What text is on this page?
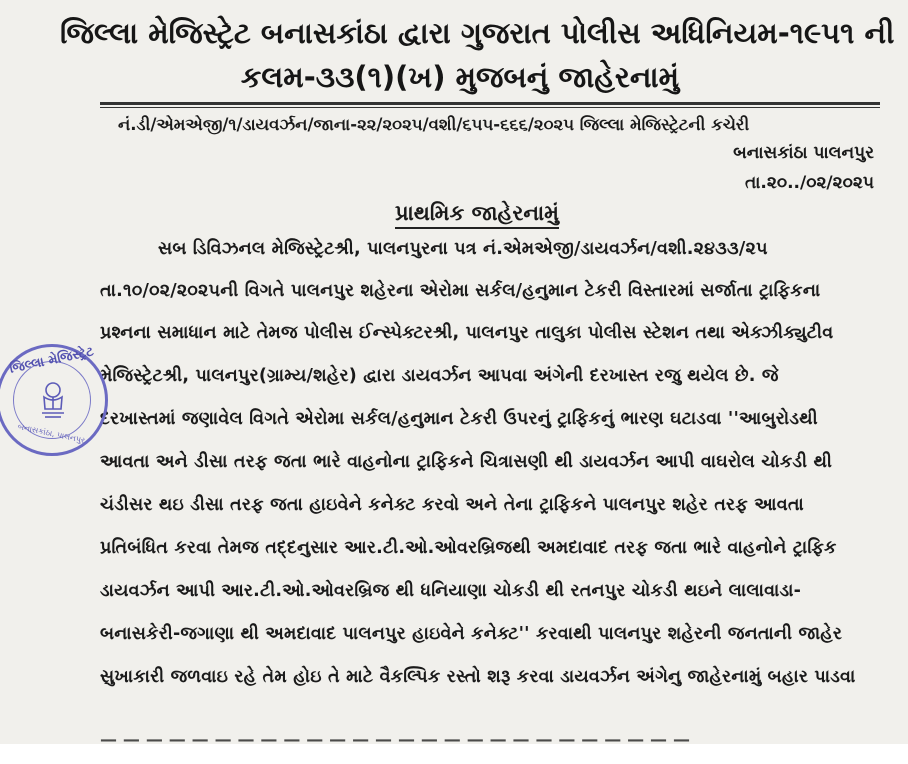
જિલ્લા મેજિસ્ટ્રેટ બનાસકાંઠા દ્વારા ગુજરાત પોલીસ અધિનિયમ-૧૯૫૧ ની
કલમ-૩૩(૧)(ખ) મુજબનું જાહેરનામું
નં.ડી/એમએજી/૧/ડાયવર્ઝન/જાના-૨૨/૨૦૨૫/વશી/૬૫૫-૬૬૬/૨૦૨૫ જિલ્લા મેજિસ્ટ્રેટની કચેરી
બનાસકાંઠા પાલનપુર
તા.૨૦../૦૨/૨૦૨૫
પ્રાથમિક જાહેરનામું
સબ ડિવિઝનલ મેજિસ્ટ્રેટશ્રી, પાલનપુરના પત્ર નં.એમએજી/ડાયવર્ઝન/વશી.૨૪૩૩/૨૫
તા.૧૦/૦૨/૨૦૨૫ની વિગતે પાલનપુર શહેરના એરોમા સર્કલ/હનુમાન ટેકરી વિસ્તારમાં સર્જાતા ટ્રાફિકના
પ્રશ્નના સમાધાન માટે તેમજ પોલીસ ઈન્સ્પેક્ટરશ્રી, પાલનપુર તાલુકા પોલીસ સ્ટેશન તથા એક્ઝીક્યુટીવ
મેજિસ્ટ્રેટશ્રી, પાલનપુર(ગ્રામ્ય/શહેર) દ્વારા ડાયવર્ઝન આપવા અંગેની દરખાસ્ત રજુ થયેલ છે. જે
દરખાસ્તમાં જણાવેલ વિગતે એરોમા સર્કલ/હનુમાન ટેકરી ઉપરનું ટ્રાફિકનું ભારણ ઘટાડવા ''આબુરોડથી
આવતા અને ડીસા તરફ જતા ભારે વાહનોના ટ્રાફિકને ચિત્રાસણી થી ડાયવર્ઝન આપી વાઘરોલ ચોકડી થી
ચંડીસર થઇ ડીસા તરફ જતા હાઇવેને કનેક્ટ કરવો અને તેના ટ્રાફિકને પાલનપુર શહેર તરફ આવતા
પ્રતિબંધિત કરવા તેમજ તદ્દનુસાર આર.ટી.ઓ.ઓવરબ્રિજથી અમદાવાદ તરફ જતા ભારે વાહનોને ટ્રાફિક
ડાયવર્ઝન આપી આર.ટી.ઓ.ઓવરબ્રિજ થી ધનિયાણા ચોકડી થી રતનપુર ચોકડી થઇને લાલાવાડા-
બનાસકેરી-જગાણા થી અમદાવાદ પાલનપુર હાઇવેને કનેક્ટ'' કરવાથી પાલનપુર શહેરની જનતાની જાહેર
સુખાકારી જળવાઇ રહે તેમ હોઇ તે માટે વૈકલ્પિક રસ્તો શરૂ કરવા ડાયવર્ઝન અંગેનુ જાહેરનામું બહાર પાડવા
— — — — — — — — — — — — — — — — — — — — — — — — — —
જિલ્લા મેજિસ્ટ્રેટ
બનાસકાંઠા, પાલનપુર
